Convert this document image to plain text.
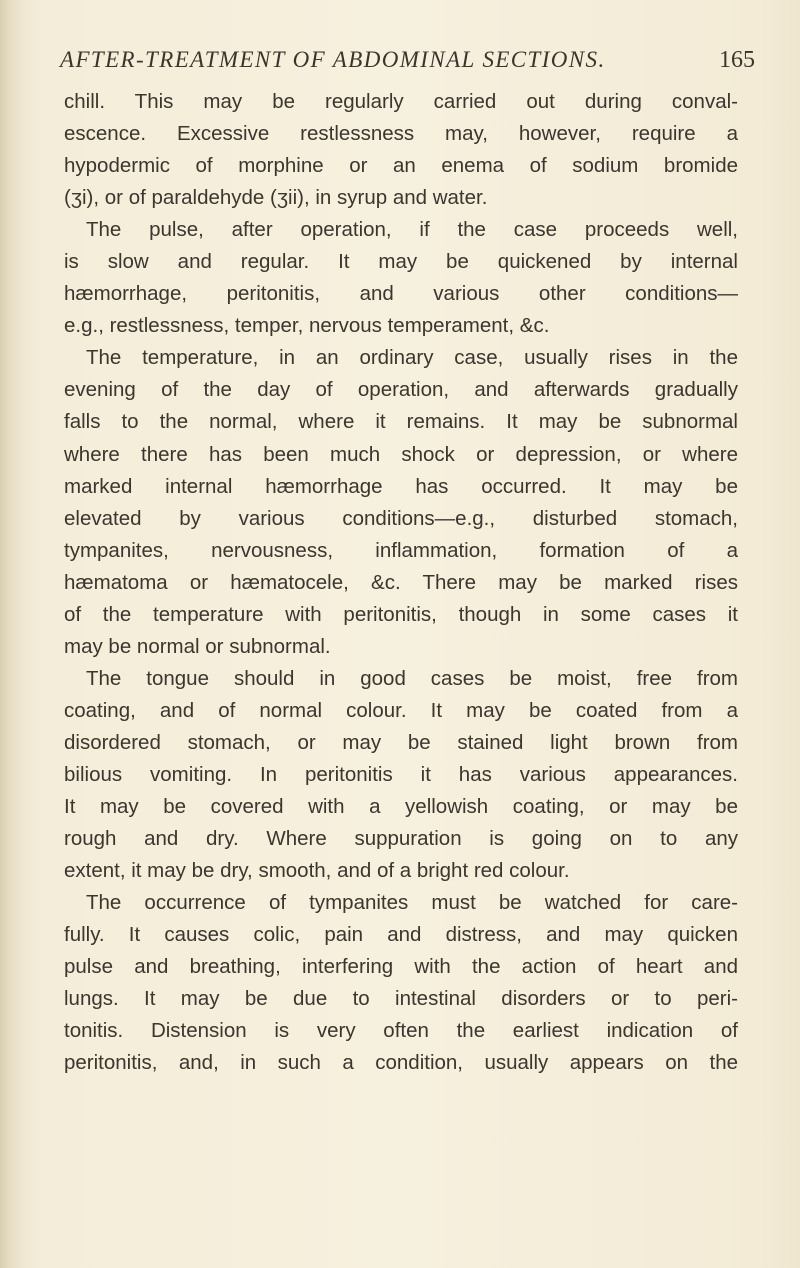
AFTER-TREATMENT OF ABDOMINAL SECTIONS.	165
chill. This may be regularly carried out during conval-
escence. Excessive restlessness may, however, require a
hypodermic of morphine or an enema of sodium bromide
(ʒi), or of paraldehyde (ʒii), in syrup and water.
The pulse, after operation, if the case proceeds well,
is slow and regular. It may be quickened by internal
hæmorrhage, peritonitis, and various other conditions—
e.g., restlessness, temper, nervous temperament, &c.
The temperature, in an ordinary case, usually rises in the
evening of the day of operation, and afterwards gradually
falls to the normal, where it remains. It may be subnormal
where there has been much shock or depression, or where
marked internal hæmorrhage has occurred. It may be
elevated by various conditions—e.g., disturbed stomach,
tympanites, nervousness, inflammation, formation of a
hæmatoma or hæmatocele, &c. There may be marked rises
of the temperature with peritonitis, though in some cases it
may be normal or subnormal.
The tongue should in good cases be moist, free from
coating, and of normal colour. It may be coated from a
disordered stomach, or may be stained light brown from
bilious vomiting. In peritonitis it has various appearances.
It may be covered with a yellowish coating, or may be
rough and dry. Where suppuration is going on to any
extent, it may be dry, smooth, and of a bright red colour.
The occurrence of tympanites must be watched for care-
fully. It causes colic, pain and distress, and may quicken
pulse and breathing, interfering with the action of heart and
lungs. It may be due to intestinal disorders or to peri-
tonitis. Distension is very often the earliest indication of
peritonitis, and, in such a condition, usually appears on the
